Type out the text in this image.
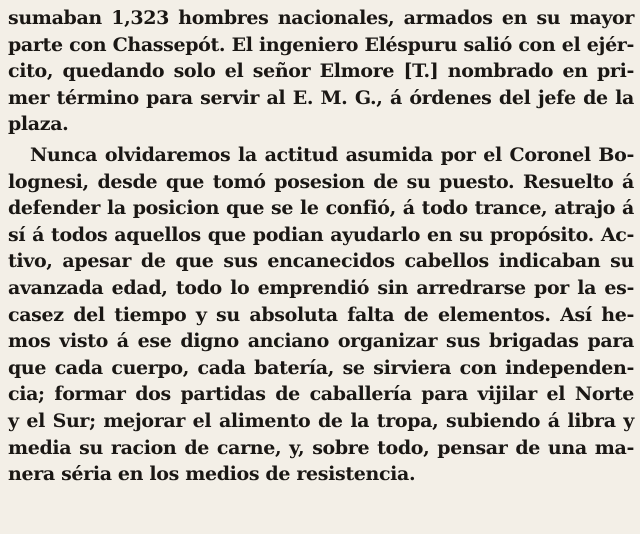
sumaban 1,323 hombres nacionales, armados en su mayor
parte con Chassepót. El ingeniero Eléspuru salió con el ejér-
cito, quedando solo el señor Elmore [T.] nombrado en pri-
mer término para servir al E. M. G., á órdenes del jefe de la
plaza.
Nunca olvidaremos la actitud asumida por el Coronel Bo-
lognesi, desde que tomó posesion de su puesto. Resuelto á
defender la posicion que se le confió, á todo trance, atrajo á
sí á todos aquellos que podian ayudarlo en su propósito. Ac-
tivo, apesar de que sus encanecidos cabellos indicaban su
avanzada edad, todo lo emprendió sin arredrarse por la es-
casez del tiempo y su absoluta falta de elementos. Así he-
mos visto á ese digno anciano organizar sus brigadas para
que cada cuerpo, cada batería, se sirviera con independen-
cia; formar dos partidas de caballería para vijilar el Norte
y el Sur; mejorar el alimento de la tropa, subiendo á libra y
media su racion de carne, y, sobre todo, pensar de una ma-
nera séria en los medios de resistencia.
